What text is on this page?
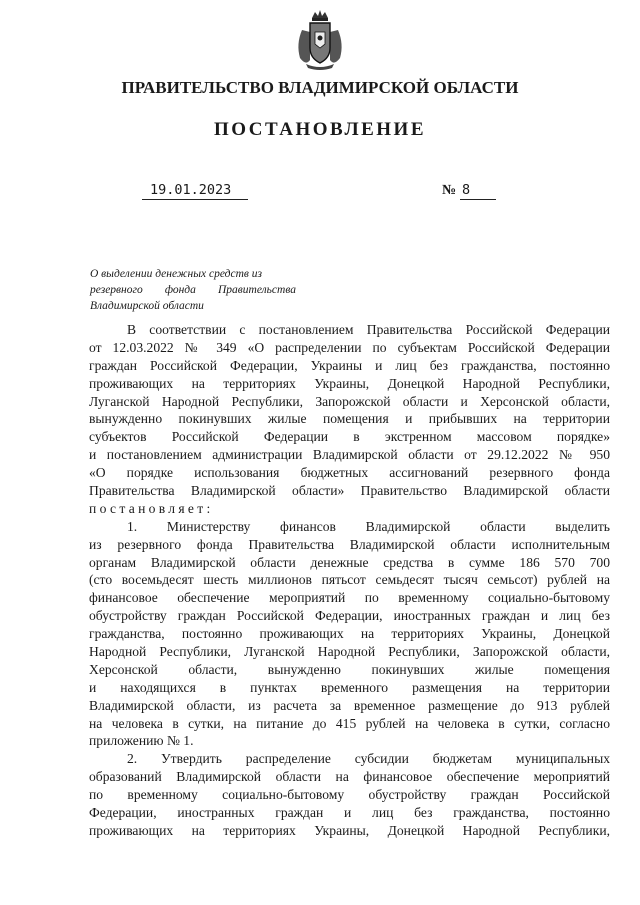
ПРАВИТЕЛЬСТВО ВЛАДИМИРСКОЙ ОБЛАСТИ
ПОСТАНОВЛЕНИЕ
19.01.2023	№ 8
О выделении денежных средств из
резервного фонда Правительства
Владимирской области
В соответствии с постановлением Правительства Российской Федерации
от 12.03.2022 № 349 «О распределении по субъектам Российской Федерации
граждан Российской Федерации, Украины и лиц без гражданства, постоянно
проживающих на территориях Украины, Донецкой Народной Республики,
Луганской Народной Республики, Запорожской области и Херсонской области,
вынужденно покинувших жилые помещения и прибывших на территории
субъектов Российской Федерации в экстренном массовом порядке»
и постановлением администрации Владимирской области от 29.12.2022 № 950
«О порядке использования бюджетных ассигнований резервного фонда
Правительства Владимирской области» Правительство Владимирской области
постановляет:
1. Министерству финансов Владимирской области выделить
из резервного фонда Правительства Владимирской области исполнительным
органам Владимирской области денежные средства в сумме 186 570 700
(сто восемьдесят шесть миллионов пятьсот семьдесят тысяч семьсот) рублей на
финансовое обеспечение мероприятий по временному социально-бытовому
обустройству граждан Российской Федерации, иностранных граждан и лиц без
гражданства, постоянно проживающих на территориях Украины, Донецкой
Народной Республики, Луганской Народной Республики, Запорожской области,
Херсонской области, вынужденно покинувших жилые помещения
и находящихся в пунктах временного размещения на территории
Владимирской области, из расчета за временное размещение до 913 рублей
на человека в сутки, на питание до 415 рублей на человека в сутки, согласно
приложению № 1.
2. Утвердить распределение субсидии бюджетам муниципальных
образований Владимирской области на финансовое обеспечение мероприятий
по временному социально-бытовому обустройству граждан Российской
Федерации, иностранных граждан и лиц без гражданства, постоянно
проживающих на территориях Украины, Донецкой Народной Республики,
